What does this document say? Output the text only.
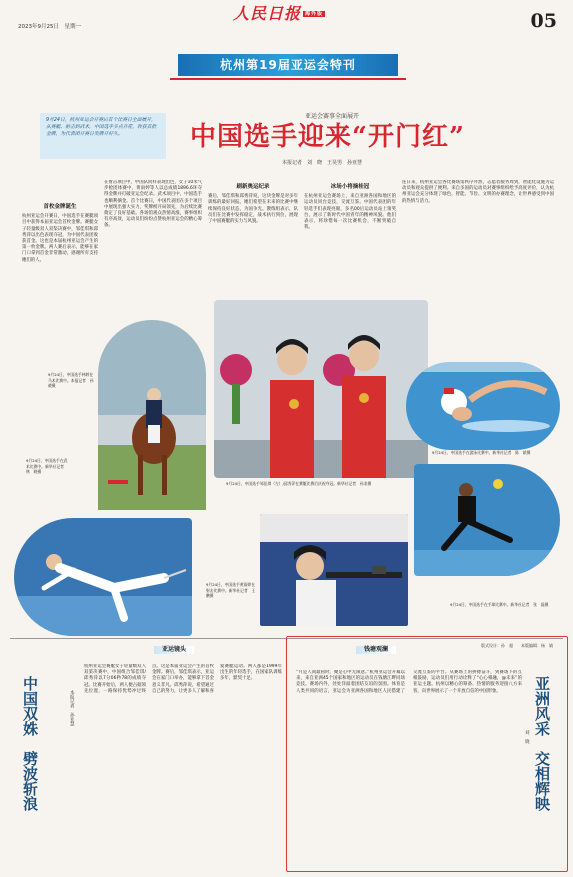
2023年9月25日　星期一
人民日报 海外版	05
杭州第19届亚运会特刊
9月24日，杭州亚运会开赛后首个比赛日全面展开，从赛艇、射击到武术，中国选手多点开花，收获首批金牌，为代表团开赛日奖牌开好头。
亚运会赛事全面展开
中国选手迎来“开门红”
本报记者　刘　晓　王昊男　孙亚慧
首枚金牌诞生
杭州亚运会开赛日，中国选手在赛艇项目中获得本届亚运会首枚金牌。赛艇女子轻量级双人双桨决赛中，邹佳琪和邱秀萍以出色表现夺冠，为中国代表团收获首金。这也是本届杭州亚运会产生的第一枚金牌。两人赛后表示，能够在家门口拿到首金非常激动，感谢所有支持她们的人。
在射击项目中，中国队同样表现出色，女子10米气步枪团体赛中，黄雨婷等人以总成绩1896.6环夺得金牌并打破亚运会纪录。武术项目中，中国选手也顺利摘金。首个比赛日，中国代表团在多个项目中展现出强大实力，奖牌榜开局领先，为后续比赛奠定了良好基础。各场馆观众热情高涨，赛事组织有序高效，运动员们纷纷点赞杭州亚运会的精心筹备。
刷新奥运纪录
赛后，邹佳琪和邱秀萍说，这块金牌是对多年训练的最好回报。她们希望在未来的比赛中继续保持良好状态，为国争光。教练组表示，队员们在比赛中发挥稳定，战术执行到位，展现了中国赛艇的实力与风貌。
冰场小将摘桂冠
在杭州亚运会赛场上，来自亚洲各国和地区的运动员同台竞技，交流互鉴。中国代表团的年轻选手们表现亮眼，多名00后运动员站上领奖台，展示了新时代中国青年的精神风貌。他们表示，将珍惜每一次比赛机会，不断突破自我。
连日来，杭州亚运会各比赛场馆秩序井然，志愿者服务周到，智能化设施为运动员和观众提供了便利。来自多国的运动员对赛事组织给予高度评价，认为杭州亚运会充分体现了绿色、智能、节俭、文明的办赛理念，让世界感受到中国的热情与活力。
9月24日，中国选手林婷在马术比赛中。本报记者　孙　晓摄
9月24日，中国选手邹佳琪（左）/邱秀萍在赛艇比赛后庆祝夺冠。新华社记者　孙非摄
9月24日，中国选手在游泳比赛中。新华社记者　陈　斌摄
9月24日，中国选手在武术比赛中。新华社记者　林　晓摄
9月24日，中国选手黄雨婷在射击比赛中。新华社记者　王　鹏摄
9月24日，中国选手在手球比赛中。新华社记者　张　磊摄
亚运镜头
中国双姝　劈波斩浪	本报记者　孙亚慧
杭州亚运会赛艇女子轻量级双人双桨决赛中，中国组合邹佳琪/邱秀萍以7分06秒78的成绩夺冠。比赛开始后，两人便占据领先位置，一路保持优势冲过终点。这是本届亚运会产生的首枚金牌。赛后，邹佳琪表示，亚运会在家门口举办，能够拿下首金意义非凡。邱秀萍说，希望通过自己的努力，让更多人了解和喜爱赛艇运动。两人都是1999年出生的年轻选手，在国家队训练多年，默契十足。
钱塘观澜
版式设计：孙　超　　本版编辑：杨　婧
“月是人间最圆时，聚是心中无限意。”杭州亚运会开幕以来，来自亚洲45个国家和地区的运动员在钱塘江畔同场竞技。赛场内外，处处洋溢着团结友谊的氛围。体育是人类共同的语言，亚运会为亚洲各国和地区人民搭建了交流互鉴的平台。从赛场上的拼搏奋斗，到赛场下的互相鼓励，运动员们用行动诠释了“心心相融，@未来”的亚运主题。杭州以精心的筹备、热情的服务迎接八方来客，向世界展示了一个开放自信的中国形象。
刘　晓 亚洲风采　交相辉映
